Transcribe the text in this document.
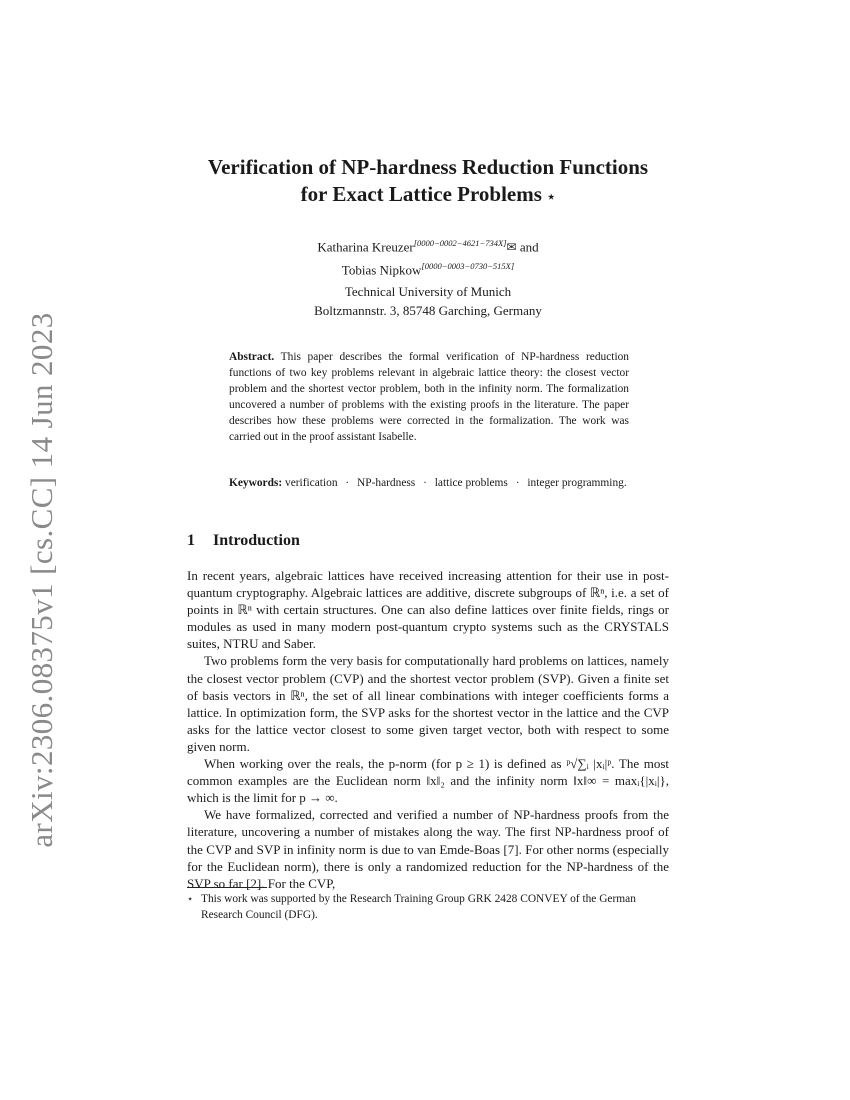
arXiv:2306.08375v1 [cs.CC] 14 Jun 2023
Verification of NP-hardness Reduction Functions
for Exact Lattice Problems ⋆
Katharina Kreuzer[0000−0002−4621−734X]✉ and
Tobias Nipkow[0000−0003−0730−515X]
Technical University of Munich
Boltzmannstr. 3, 85748 Garching, Germany
Abstract. This paper describes the formal verification of NP-hardness reduction functions of two key problems relevant in algebraic lattice theory: the closest vector problem and the shortest vector problem, both in the infinity norm. The formalization uncovered a number of problems with the existing proofs in the literature. The paper describes how these problems were corrected in the formalization. The work was carried out in the proof assistant Isabelle.
Keywords: verification · NP-hardness · lattice problems · integer programming.
1 Introduction

In recent years, algebraic lattices have received increasing attention for their use in post-quantum cryptography. Algebraic lattices are additive, discrete subgroups of ℝⁿ, i.e. a set of points in ℝⁿ with certain structures. One can also define lattices over finite fields, rings or modules as used in many modern post-quantum crypto systems such as the CRYSTALS suites, NTRU and Saber.

Two problems form the very basis for computationally hard problems on lattices, namely the closest vector problem (CVP) and the shortest vector problem (SVP). Given a finite set of basis vectors in ℝⁿ, the set of all linear combinations with integer coefficients forms a lattice. In optimization form, the SVP asks for the shortest vector in the lattice and the CVP asks for the lattice vector closest to some given target vector, both with respect to some given norm.

When working over the reals, the p-norm (for p ≥ 1) is defined as ᵖ√∑ᵢ |xᵢ|ᵖ. The most common examples are the Euclidean norm ‖x‖₂ and the infinity norm ‖x‖∞ = maxᵢ{|xᵢ|}, which is the limit for p → ∞.

We have formalized, corrected and verified a number of NP-hardness proofs from the literature, uncovering a number of mistakes along the way. The first NP-hardness proof of the CVP and SVP in infinity norm is due to van Emde-Boas [7]. For other norms (especially for the Euclidean norm), there is only a randomized reduction for the NP-hardness of the SVP so far [2]. For the CVP,

⋆ This work was supported by the Research Training Group GRK 2428 CONVEY of the German Research Council (DFG).
